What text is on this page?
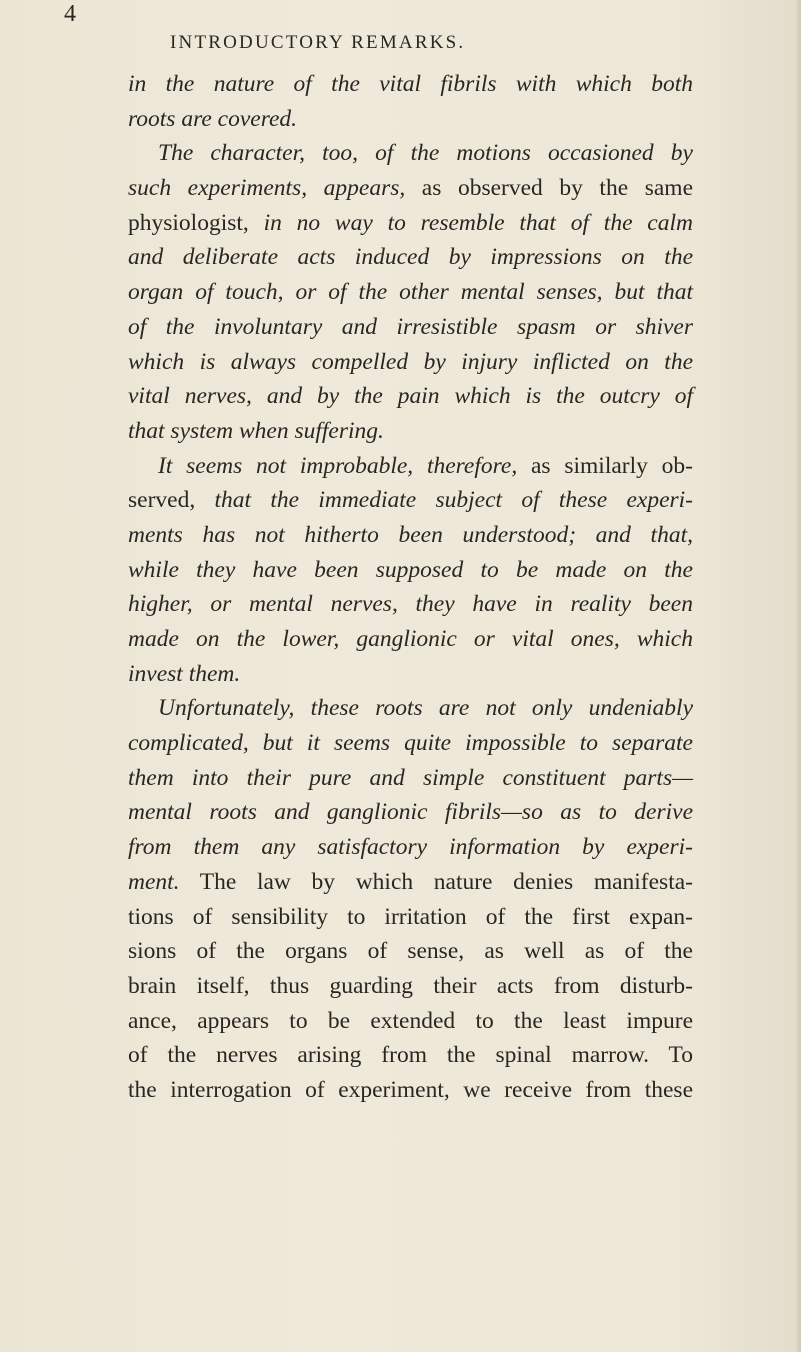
4
INTRODUCTORY REMARKS.
in the nature of the vital fibrils with which both
roots are covered.
The character, too, of the motions occasioned by
such experiments, appears, as observed by the same
physiologist, in no way to resemble that of the calm
and deliberate acts induced by impressions on the
organ of touch, or of the other mental senses, but that
of the involuntary and irresistible spasm or shiver
which is always compelled by injury inflicted on the
vital nerves, and by the pain which is the outcry of
that system when suffering.
It seems not improbable, therefore, as similarly ob-
served, that the immediate subject of these experi-
ments has not hitherto been understood; and that,
while they have been supposed to be made on the
higher, or mental nerves, they have in reality been
made on the lower, ganglionic or vital ones, which
invest them.
Unfortunately, these roots are not only undeniably
complicated, but it seems quite impossible to separate
them into their pure and simple constituent parts—
mental roots and ganglionic fibrils—so as to derive
from them any satisfactory information by experi-
ment. The law by which nature denies manifesta-
tions of sensibility to irritation of the first expan-
sions of the organs of sense, as well as of the
brain itself, thus guarding their acts from disturb-
ance, appears to be extended to the least impure
of the nerves arising from the spinal marrow. To
the interrogation of experiment, we receive from these
